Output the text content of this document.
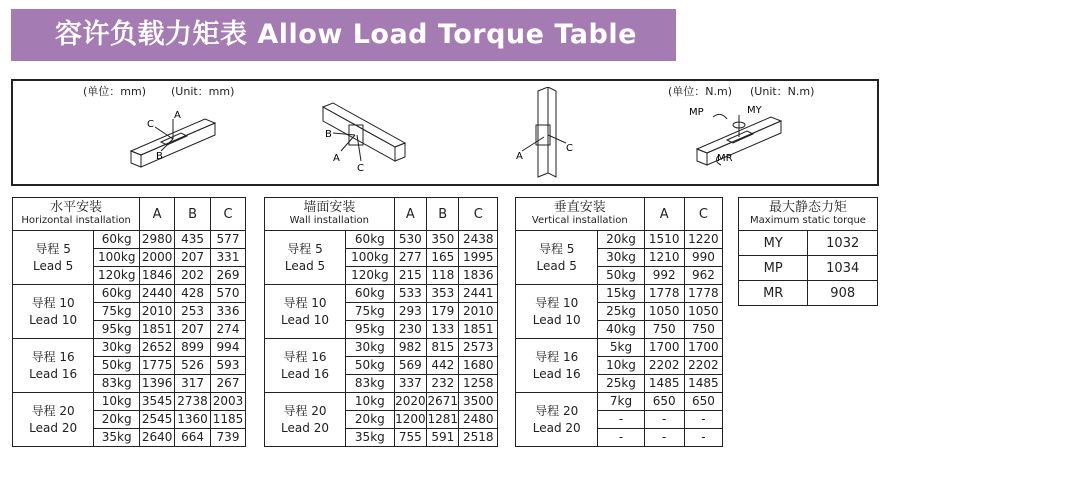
容许负载力矩表 Allow Load Torque Table
(单位：mm) (Unit：mm)	(单位：N.m) (Unit：N.m)
A
C
B
B
A
C
A
C
MP	MY
MR
水平安装
Horizontal installation		A	B	C

导程 5
Lead 5	60kg	2980	435	577
	100kg	2000	207	331
	120kg	1846	202	269

导程 10
Lead 10	60kg	2440	428	570
	75kg	2010	253	336
	95kg	1851	207	274

导程 16
Lead 16	30kg	2652	899	994
	50kg	1775	526	593
	83kg	1396	317	267

导程 20
Lead 20	10kg	3545	2738	2003
	20kg	2545	1360	1185
	35kg	2640	664	739
墙面安装
Wall installation		A	B	C

导程 5
Lead 5	60kg	530	350	2438
	100kg	277	165	1995
	120kg	215	118	1836

导程 10
Lead 10	60kg	533	353	2441
	75kg	293	179	2010
	95kg	230	133	1851

导程 16
Lead 16	30kg	982	815	2573
	50kg	569	442	1680
	83kg	337	232	1258

导程 20
Lead 20	10kg	2020	2671	3500
	20kg	1200	1281	2480
	35kg	755	591	2518
垂直安装
Vertical installation		A	C

导程 5
Lead 5	20kg	1510	1220
	30kg	1210	990
	50kg	992	962

导程 10
Lead 10	15kg	1778	1778
	25kg	1050	1050
	40kg	750	750

导程 16
Lead 16	5kg	1700	1700
	10kg	2202	2202
	25kg	1485	1485

导程 20
Lead 20	7kg	650	650
	-	-	-
	-	-	-
最大静态力矩
Maximum static torque	

MY	1032
MP	1034
MR	908
